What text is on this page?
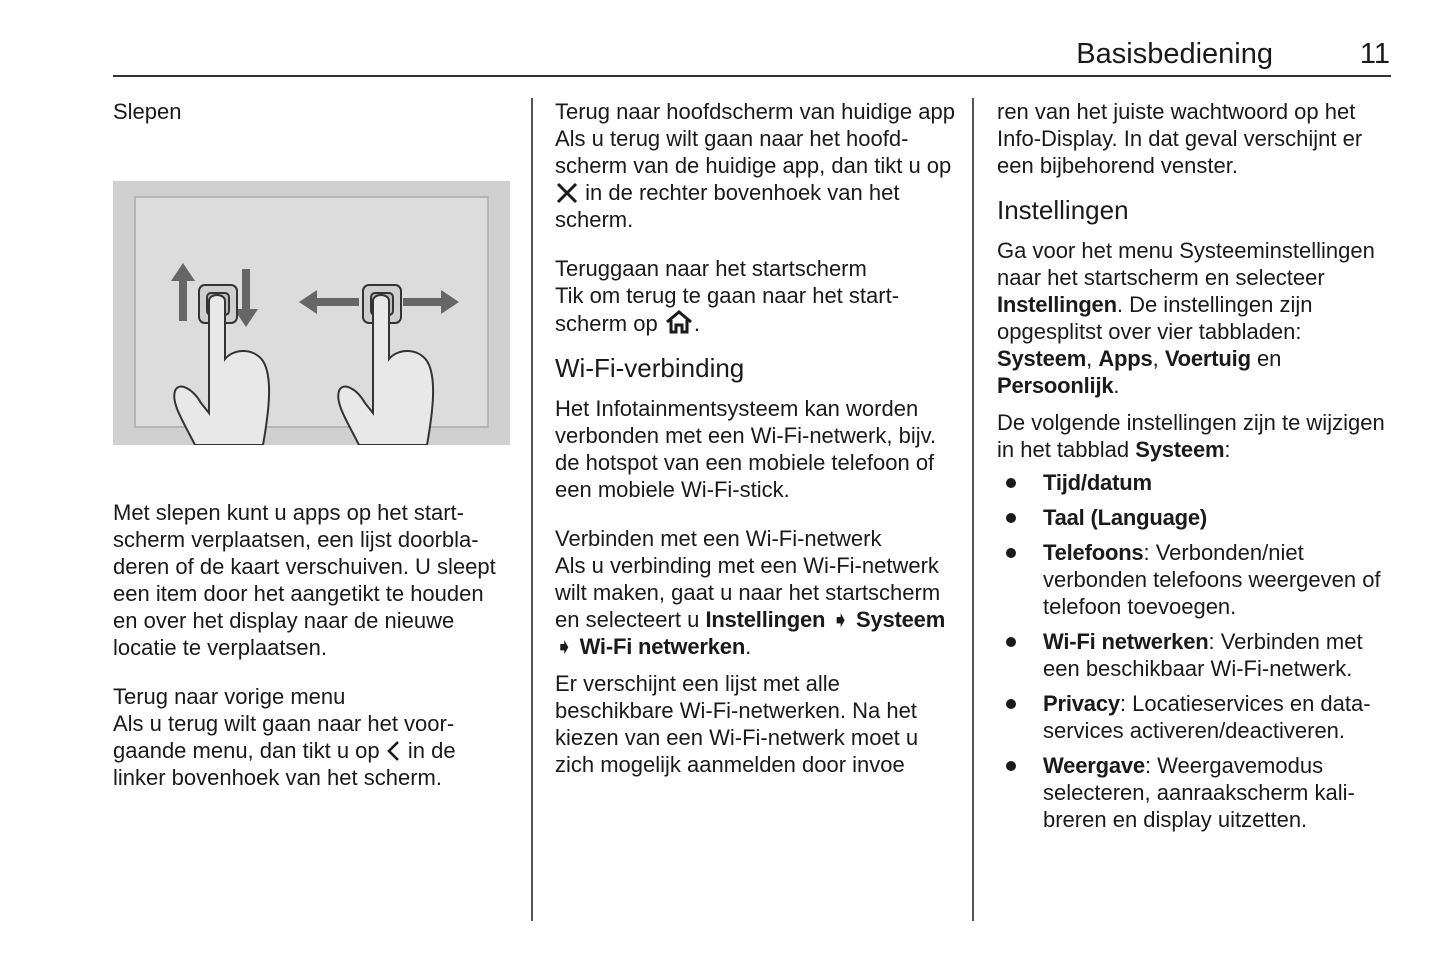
Basisbediening	11

Slepen

Met slepen kunt u apps op het startscherm verplaatsen, een lijst doorbladeren of de kaart verschuiven. U sleept een item door het aangetikt te houden en over het display naar de nieuwe locatie te verplaatsen.

Terug naar vorige menu

Als u terug wilt gaan naar het voorgaande menu, dan tikt u op in de linker bovenhoek van het scherm.

Terug naar hoofdscherm van huidige app

Als u terug wilt gaan naar het hoofdscherm van de huidige app, dan tikt u op  in de rechter bovenhoek van het scherm.

Teruggaan naar het startscherm

Tik om terug te gaan naar het startscherm op .

Wi-Fi-verbinding

Het Infotainmentsysteem kan worden verbonden met een Wi-Fi-netwerk, bijv. de hotspot van een mobiele telefoon of een mobiele Wi-Fi-stick.

Verbinden met een Wi-Fi-netwerk

Als u verbinding met een Wi-Fi-netwerk wilt maken, gaat u naar het startscherm en selecteert u Instellingen ➧ Systeem ➧ Wi-Fi netwerken.

Er verschijnt een lijst met alle beschikbare Wi-Fi-netwerken. Na het kiezen van een Wi-Fi-netwerk moet u zich mogelijk aanmelden door invoe

ren van het juiste wachtwoord op het Info-Display. In dat geval verschijnt er een bijbehorend venster.

Instellingen

Ga voor het menu Systeeminstellingen naar het startscherm en selecteer Instellingen. De instellingen zijn opgesplitst over vier tabbladen: Systeem, Apps, Voertuig en Persoonlijk.

De volgende instellingen zijn te wijzigen in het tabblad Systeem:

Tijd/datum
Taal (Language)
Telefoons: Verbonden/niet verbonden telefoons weergeven of telefoon toevoegen.
Wi-Fi netwerken: Verbinden met een beschikbaar Wi-Fi-netwerk.
Privacy: Locatieservices en dataservices activeren/deactiveren.
Weergave: Weergavemodus selecteren, aanraakscherm kalibreren en display uitzetten.
